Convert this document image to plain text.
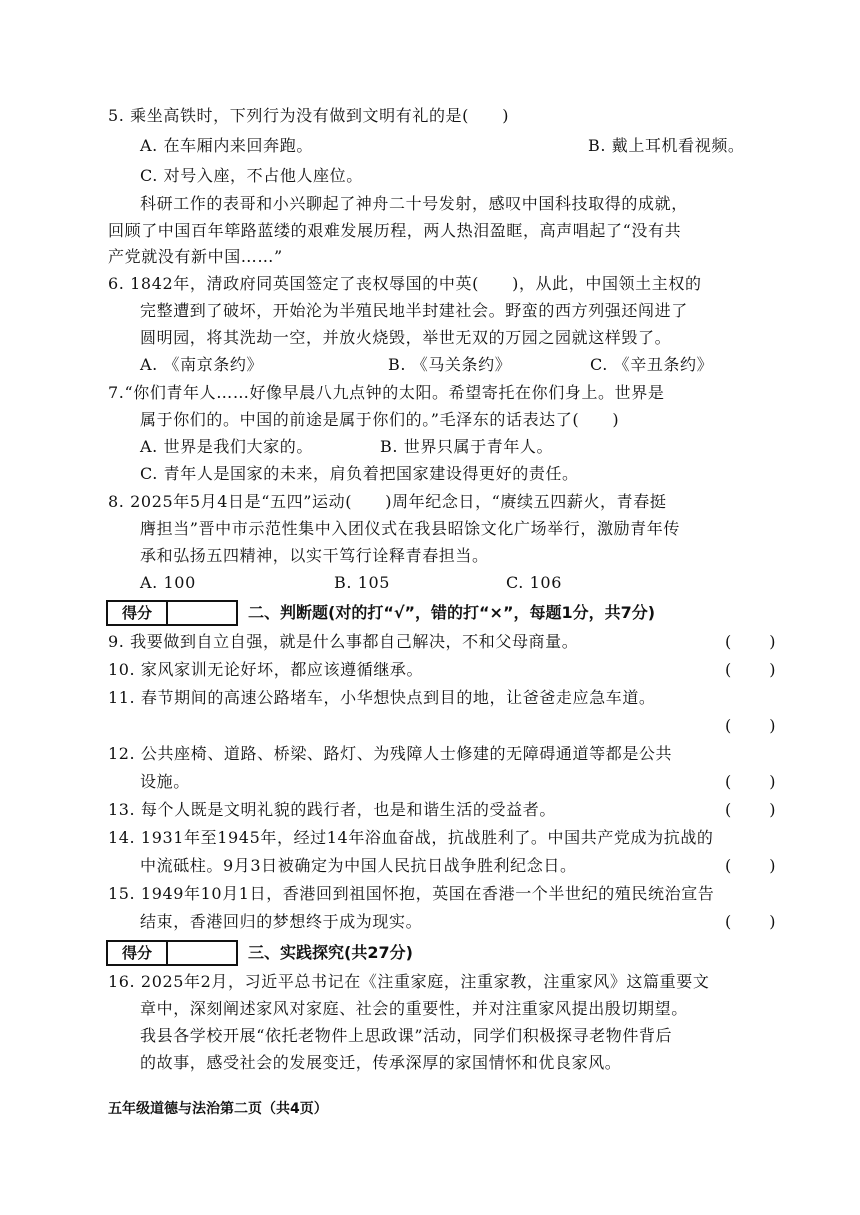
5. 乘坐高铁时，下列行为没有做到文明有礼的是(　　)
A. 在车厢内来回奔跑。	B. 戴上耳机看视频。
C. 对号入座，不占他人座位。
科研工作的表哥和小兴聊起了神舟二十号发射，感叹中国科技取得的成就，
回顾了中国百年筚路蓝缕的艰难发展历程，两人热泪盈眶，高声唱起了“没有共
产党就没有新中国……”
6. 1842年，清政府同英国签定了丧权辱国的中英(　　)，从此，中国领土主权的
完整遭到了破坏，开始沦为半殖民地半封建社会。野蛮的西方列强还闯进了
圆明园，将其洗劫一空，并放火烧毁，举世无双的万园之园就这样毁了。
A. 《南京条约》	B. 《马关条约》	C. 《辛丑条约》
7.“你们青年人……好像早晨八九点钟的太阳。希望寄托在你们身上。世界是
属于你们的。中国的前途是属于你们的。”毛泽东的话表达了(　　)
A. 世界是我们大家的。	B. 世界只属于青年人。
C. 青年人是国家的未来，肩负着把国家建设得更好的责任。
8. 2025年5月4日是“五四”运动(　　)周年纪念日，“赓续五四薪火，青春挺
膺担当”晋中市示范性集中入团仪式在我县昭馀文化广场举行，激励青年传
承和弘扬五四精神，以实干笃行诠释青春担当。
A. 100	B. 105	C. 106
得分	二、判断题(对的打“√”，错的打“×”，每题1分，共7分)
9. 我要做到自立自强，就是什么事都自己解决，不和父母商量。	(　　)
10. 家风家训无论好坏，都应该遵循继承。	(　　)
11. 春节期间的高速公路堵车，小华想快点到目的地，让爸爸走应急车道。
(　　)
12. 公共座椅、道路、桥梁、路灯、为残障人士修建的无障碍通道等都是公共
设施。	(　　)
13. 每个人既是文明礼貌的践行者，也是和谐生活的受益者。	(　　)
14. 1931年至1945年，经过14年浴血奋战，抗战胜利了。中国共产党成为抗战的
中流砥柱。9月3日被确定为中国人民抗日战争胜利纪念日。	(　　)
15. 1949年10月1日，香港回到祖国怀抱，英国在香港一个半世纪的殖民统治宣告
结束，香港回归的梦想终于成为现实。	(　　)
得分	三、实践探究(共27分)
16. 2025年2月，习近平总书记在《注重家庭，注重家教，注重家风》这篇重要文
章中，深刻阐述家风对家庭、社会的重要性，并对注重家风提出殷切期望。
我县各学校开展“依托老物件上思政课”活动，同学们积极探寻老物件背后
的故事，感受社会的发展变迁，传承深厚的家国情怀和优良家风。
五年级道德与法治第二页（共4页）
